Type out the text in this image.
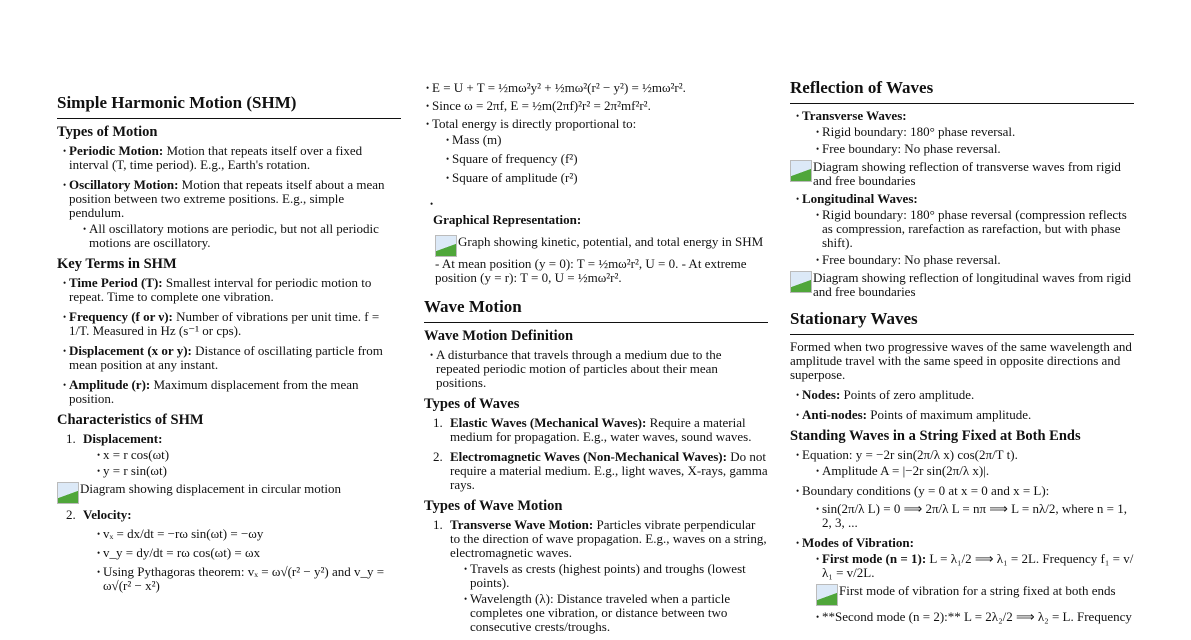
Simple Harmonic Motion (SHM)
Types of Motion
• Periodic Motion: Motion that repeats itself over a fixed interval (T, time period). E.g., Earth's rotation.
• Oscillatory Motion: Motion that repeats itself about a mean position between two extreme positions. E.g., simple pendulum.
• All oscillatory motions are periodic, but not all periodic motions are oscillatory.
Key Terms in SHM
• Time Period (T): Smallest interval for periodic motion to repeat. Time to complete one vibration.
• Frequency (f or ν): Number of vibrations per unit time. f = 1/T. Measured in Hz (s⁻¹ or cps).
• Displacement (x or y): Distance of oscillating particle from mean position at any instant.
• Amplitude (r): Maximum displacement from the mean position.
Characteristics of SHM
1. Displacement:
• x = r cos(ωt)
• y = r sin(ωt)
Diagram showing displacement in circular motion
2. Velocity:
• vₓ = dx/dt = −rω sin(ωt) = −ωy
• v_y = dy/dt = rω cos(ωt) = ωx
• Using Pythagoras theorem: vₓ = ω√(r² − y²) and v_y = ω√(r² − x²)
• E = U + T = ½mω²y² + ½mω²(r² − y²) = ½mω²r².
• Since ω = 2πf, E = ½m(2πf)²r² = 2π²mf²r².
• Total energy is directly proportional to:
• Mass (m)
• Square of frequency (f²)
• Square of amplitude (r²)
•
Graphical Representation:
Graph showing kinetic, potential, and total energy in SHM

- At mean position (y = 0): T = ½mω²r², U = 0. - At extreme position (y = r): T = 0, U = ½mω²r².

Wave Motion
Wave Motion Definition
• A disturbance that travels through a medium due to the repeated periodic motion of particles about their mean positions.
Types of Waves
1. Elastic Waves (Mechanical Waves): Require a material medium for propagation. E.g., water waves, sound waves.
2. Electromagnetic Waves (Non-Mechanical Waves): Do not require a material medium. E.g., light waves, X-rays, gamma rays.
Types of Wave Motion
1. Transverse Wave Motion: Particles vibrate perpendicular to the direction of wave propagation. E.g., waves on a string, electromagnetic waves.
• Travels as crests (highest points) and troughs (lowest points).
• Wavelength (λ): Distance traveled when a particle completes one vibration, or distance between two consecutive crests/troughs.
Reflection of Waves
• Transverse Waves:
• Rigid boundary: 180° phase reversal.
• Free boundary: No phase reversal.
Diagram showing reflection of transverse waves from rigid and free boundaries
• Longitudinal Waves:
• Rigid boundary: 180° phase reversal (compression reflects as compression, rarefaction as rarefaction, but with phase shift).
• Free boundary: No phase reversal.
Diagram showing reflection of longitudinal waves from rigid and free boundaries
Stationary Waves

Formed when two progressive waves of the same wavelength and amplitude travel with the same speed in opposite directions and superpose.

• Nodes: Points of zero amplitude.
• Anti-nodes: Points of maximum amplitude.
Standing Waves in a String Fixed at Both Ends
• Equation: y = −2r sin(2π/λ x) cos(2π/T t).
• Amplitude A = |−2r sin(2π/λ x)|.
• Boundary conditions (y = 0 at x = 0 and x = L):
• sin(2π/λ L) = 0 ⟹ 2π/λ L = nπ ⟹ L = nλ/2, where n = 1, 2, 3, ...
• Modes of Vibration:
• First mode (n = 1): L = λ₁/2 ⟹ λ₁ = 2L. Frequency f₁ = v/λ₁ = v/2L.
First mode of vibration for a string fixed at both ends
• **Second mode (n = 2):** L = 2λ₂/2 ⟹ λ₂ = L. Frequency
